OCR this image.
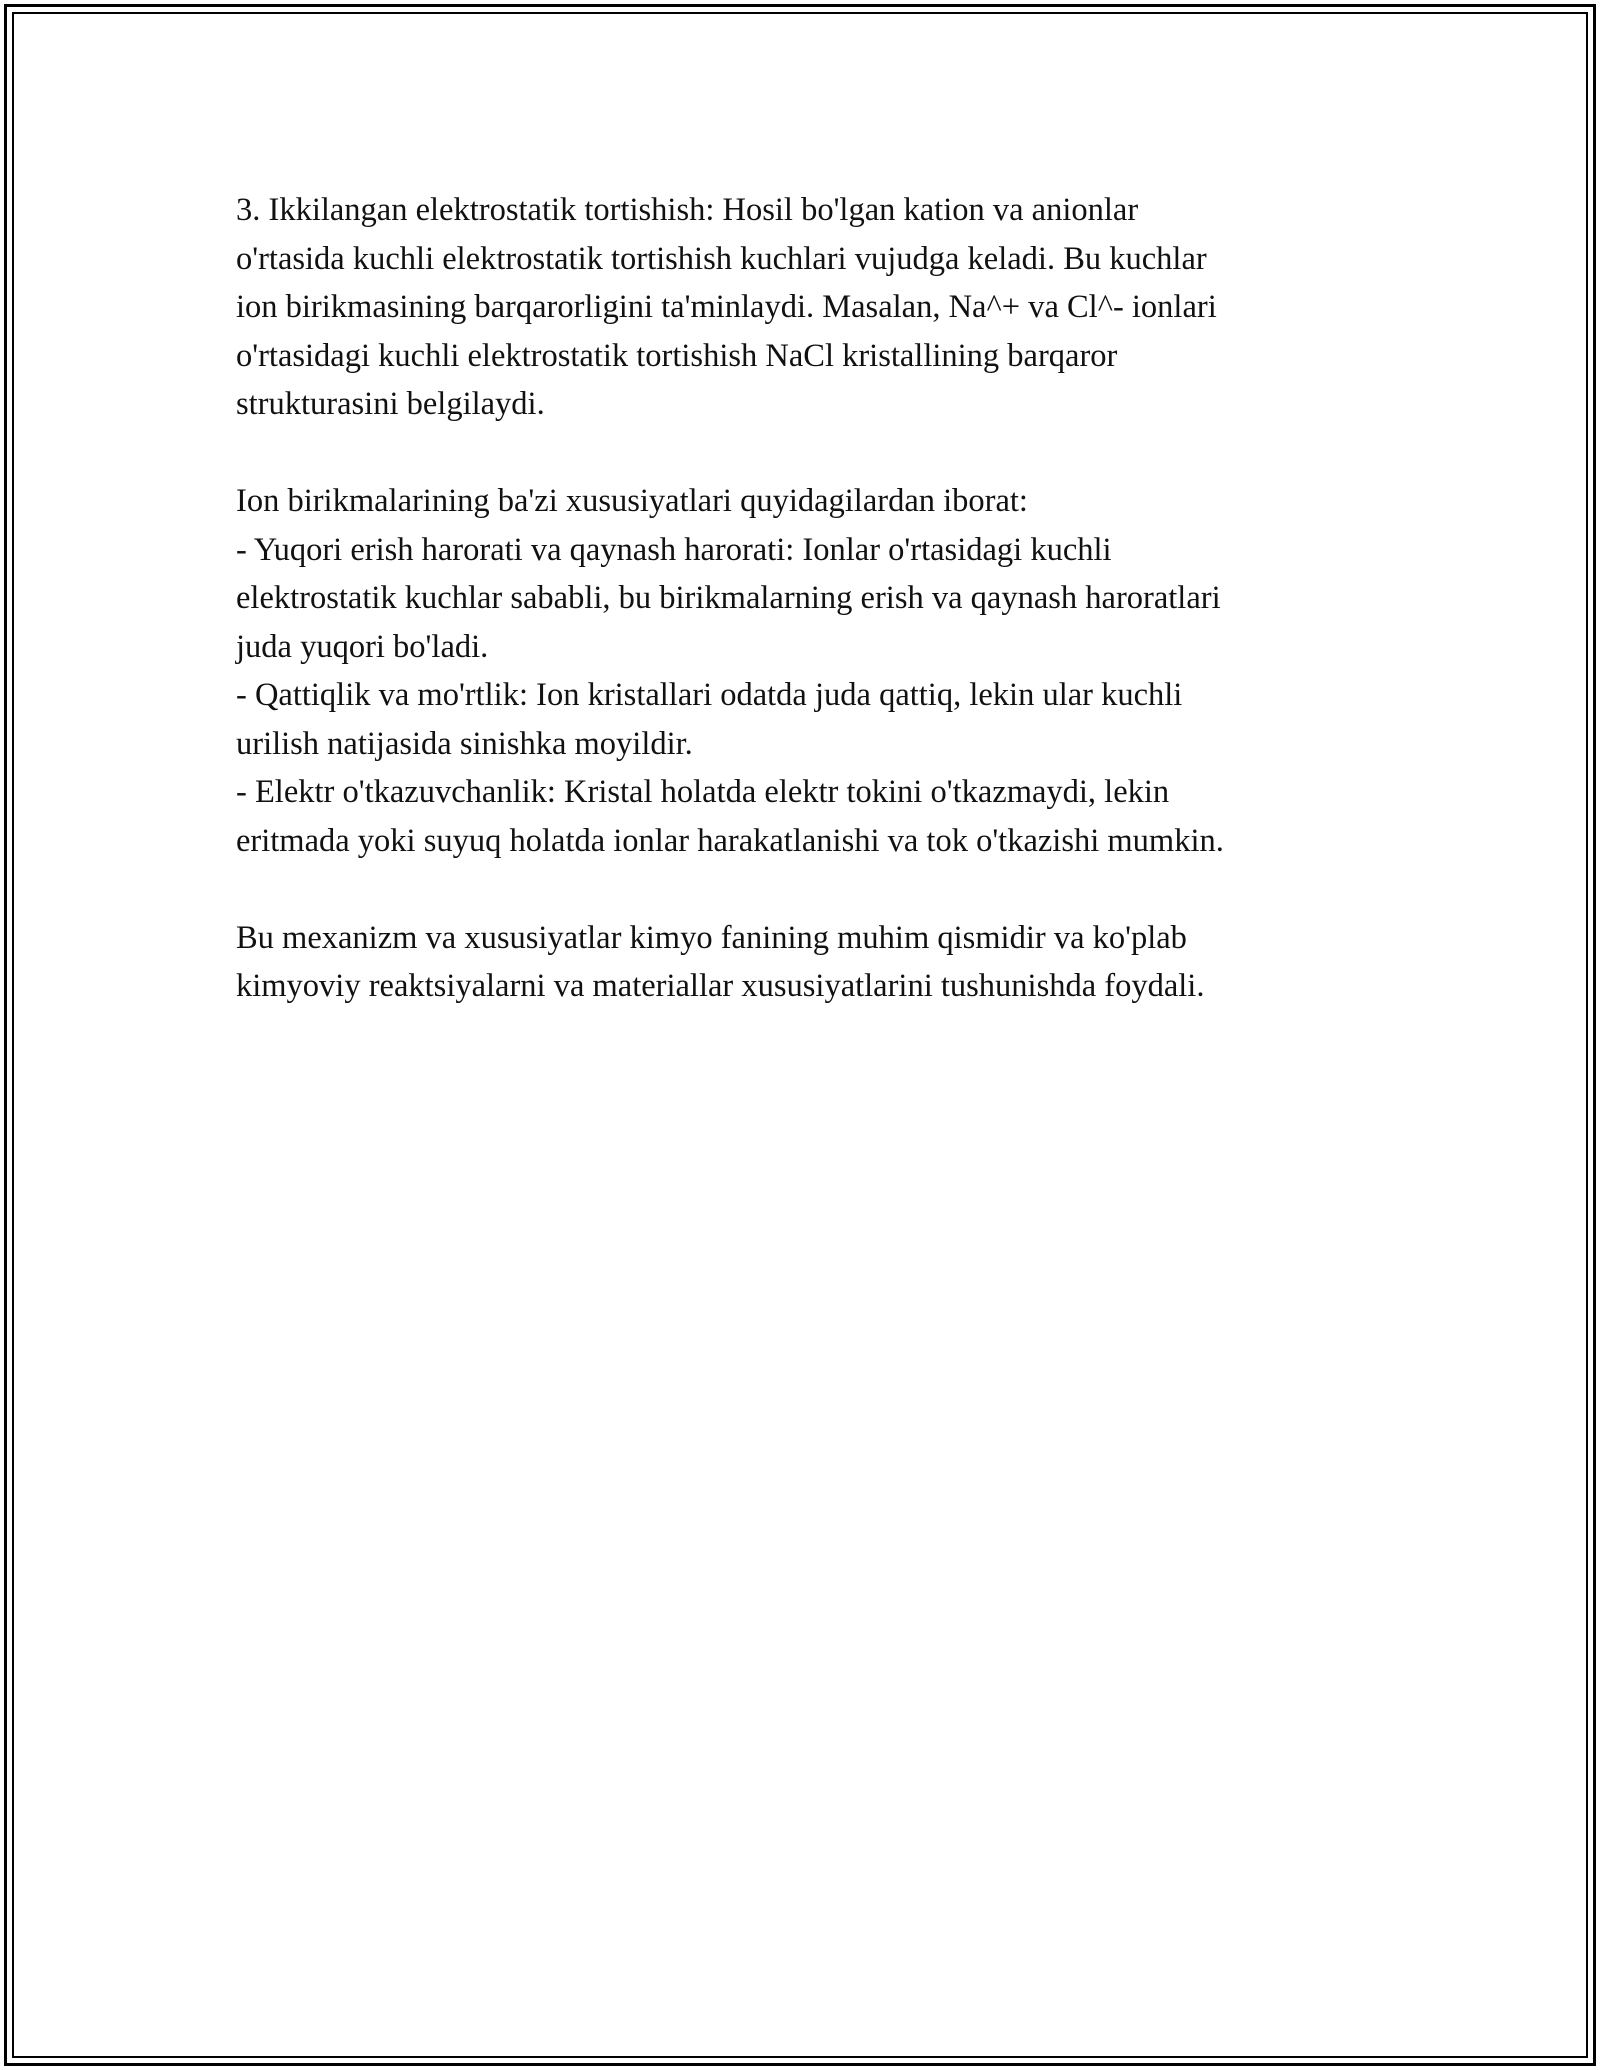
3. Ikkilangan elektrostatik tortishish: Hosil bo'lgan kation va anionlar
o'rtasida kuchli elektrostatik tortishish kuchlari vujudga keladi. Bu kuchlar
ion birikmasining barqarorligini ta'minlaydi. Masalan, Na^+ va Cl^- ionlari
o'rtasidagi kuchli elektrostatik tortishish NaCl kristallining barqaror
strukturasini belgilaydi.
Ion birikmalarining ba'zi xususiyatlari quyidagilardan iborat:
- Yuqori erish harorati va qaynash harorati: Ionlar o'rtasidagi kuchli
elektrostatik kuchlar sababli, bu birikmalarning erish va qaynash haroratlari
juda yuqori bo'ladi.
- Qattiqlik va mo'rtlik: Ion kristallari odatda juda qattiq, lekin ular kuchli
urilish natijasida sinishka moyildir.
- Elektr o'tkazuvchanlik: Kristal holatda elektr tokini o'tkazmaydi, lekin
eritmada yoki suyuq holatda ionlar harakatlanishi va tok o'tkazishi mumkin.
Bu mexanizm va xususiyatlar kimyo fanining muhim qismidir va ko'plab
kimyoviy reaktsiyalarni va materiallar xususiyatlarini tushunishda foydali.
